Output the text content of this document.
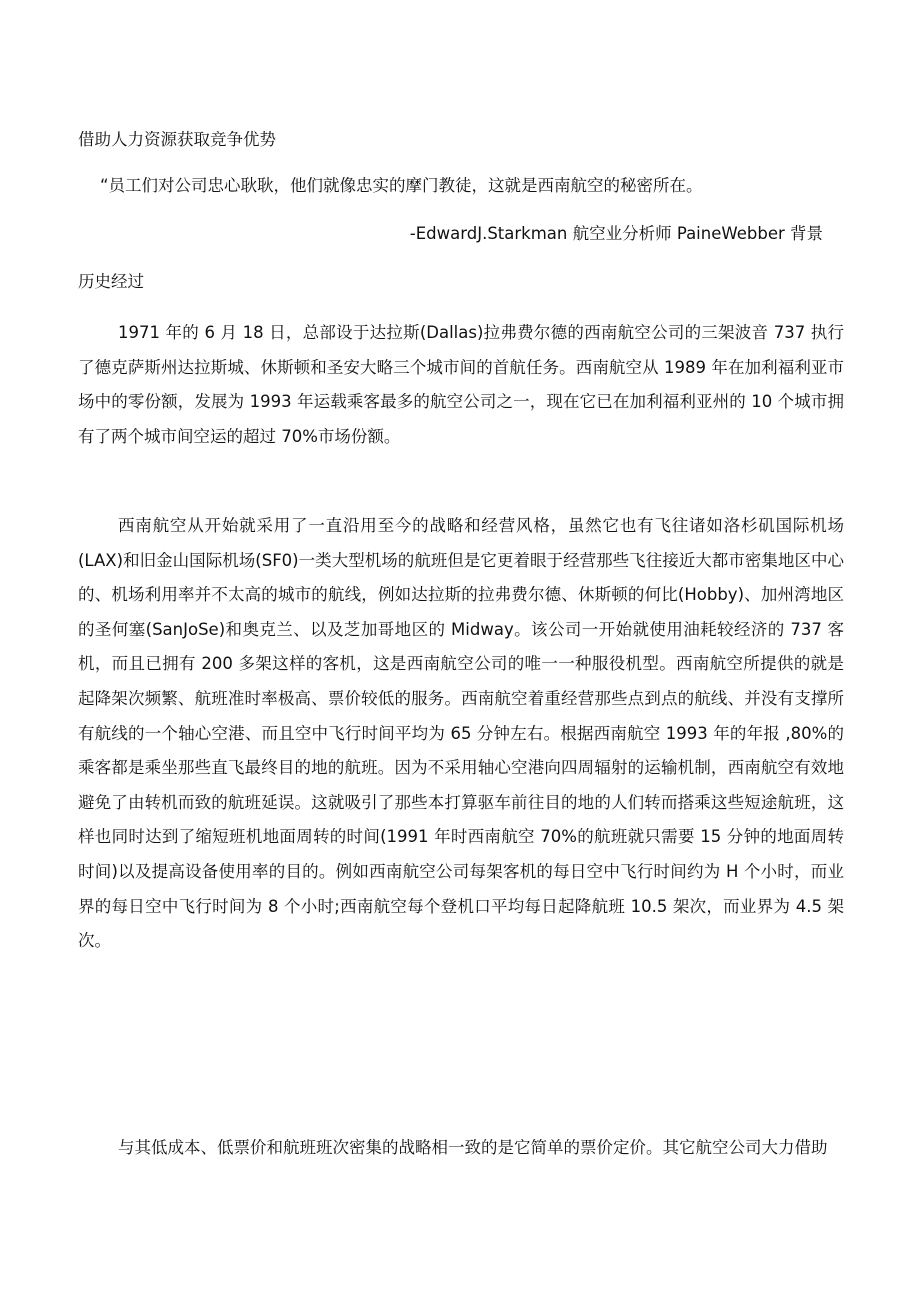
借助人力资源获取竞争优势

“员工们对公司忠心耿耿，他们就像忠实的摩门教徒，这就是西南航空的秘密所在。

-EdwardJ.Starkman 航空业分析师 PaineWebber 背景

历史经过

1971 年的 6 月 18 日，总部设于达拉斯(Dallas)拉弗费尔德的西南航空公司的三架波音 737 执行了德克萨斯州达拉斯城、休斯顿和圣安大略三个城市间的首航任务。西南航空从 1989 年在加利福利亚市场中的零份额，发展为 1993 年运载乘客最多的航空公司之一，现在它已在加利福利亚州的 10 个城市拥有了两个城市间空运的超过 70%市场份额。

西南航空从开始就采用了一直沿用至今的战略和经营风格，虽然它也有飞往诸如洛杉矶国际机场(LAX)和旧金山国际机场(SF0)一类大型机场的航班但是它更着眼于经营那些飞往接近大都市密集地区中心的、机场利用率并不太高的城市的航线，例如达拉斯的拉弗费尔德、休斯顿的何比(Hobby)、加州湾地区的圣何塞(SanJoSe)和奥克兰、以及芝加哥地区的 Midway。该公司一开始就使用油耗较经济的 737 客机，而且已拥有 200 多架这样的客机，这是西南航空公司的唯一一种服役机型。西南航空所提供的就是起降架次频繁、航班准时率极高、票价较低的服务。西南航空着重经营那些点到点的航线、并没有支撑所有航线的一个轴心空港、而且空中飞行时间平均为 65 分钟左右。根据西南航空 1993 年的年报 ,80%的乘客都是乘坐那些直飞最终目的地的航班。因为不采用轴心空港向四周辐射的运输机制，西南航空有效地避免了由转机而致的航班延误。这就吸引了那些本打算驱车前往目的地的人们转而搭乘这些短途航班，这样也同时达到了缩短班机地面周转的时间(1991 年时西南航空 70%的航班就只需要 15 分钟的地面周转时间)以及提高设备使用率的目的。例如西南航空公司每架客机的每日空中飞行时间约为 H 个小时，而业界的每日空中飞行时间为 8 个小时;西南航空每个登机口平均每日起降航班 10.5 架次，而业界为 4.5 架次。

与其低成本、低票价和航班班次密集的战略相一致的是它简单的票价定价。其它航空公司大力借助
